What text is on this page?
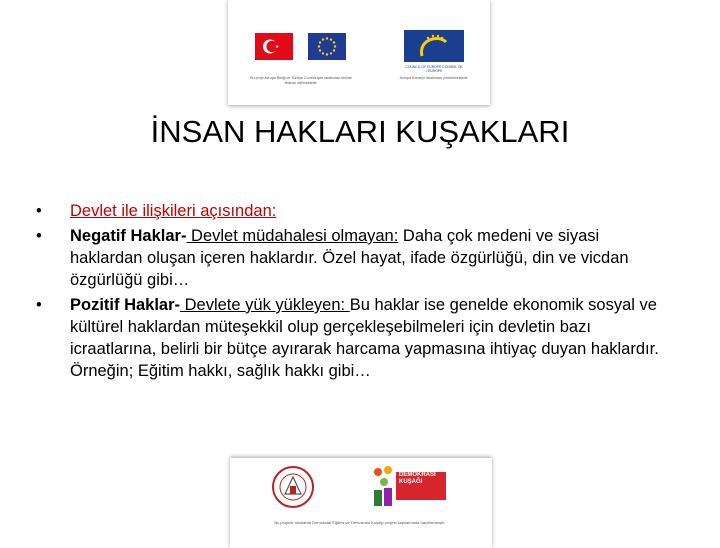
Bu proje Avrupa Birliği ve Türkiye Cumhuriyeti tarafından birlikte finanse edilmektedir.
COUNCIL OF EUROPE CONSEIL DE L'EUROPE
Avrupa Konseyi tarafından yürütülmektedir.
İNSAN HAKLARI KUŞAKLARI
• Devlet ile ilişkileri açısından:
• Negatif Haklar- Devlet müdahalesi olmayan: Daha çok medeni ve siyasi haklardan oluşan içeren haklardır. Özel hayat, ifade özgürlüğü, din ve vicdan özgürlüğü gibi…
• Pozitif Haklar- Devlete yük yükleyen: Bu haklar ise genelde ekonomik sosyal ve kültürel haklardan müteşekkil olup gerçekleşebilmeleri için devletin bazı icraatlarına, belirli bir bütçe ayırarak harcama yapmasına ihtiyaç duyan haklardır. Örneğin; Eğitim hakkı, sağlık hakkı gibi…
DEMOKRASİ
KUŞAĞI
Bu projede okullarda Demokrasi Eğitimi ve Demokrasi Kuşağı projesi kapsamında hazırlanmıştır.
